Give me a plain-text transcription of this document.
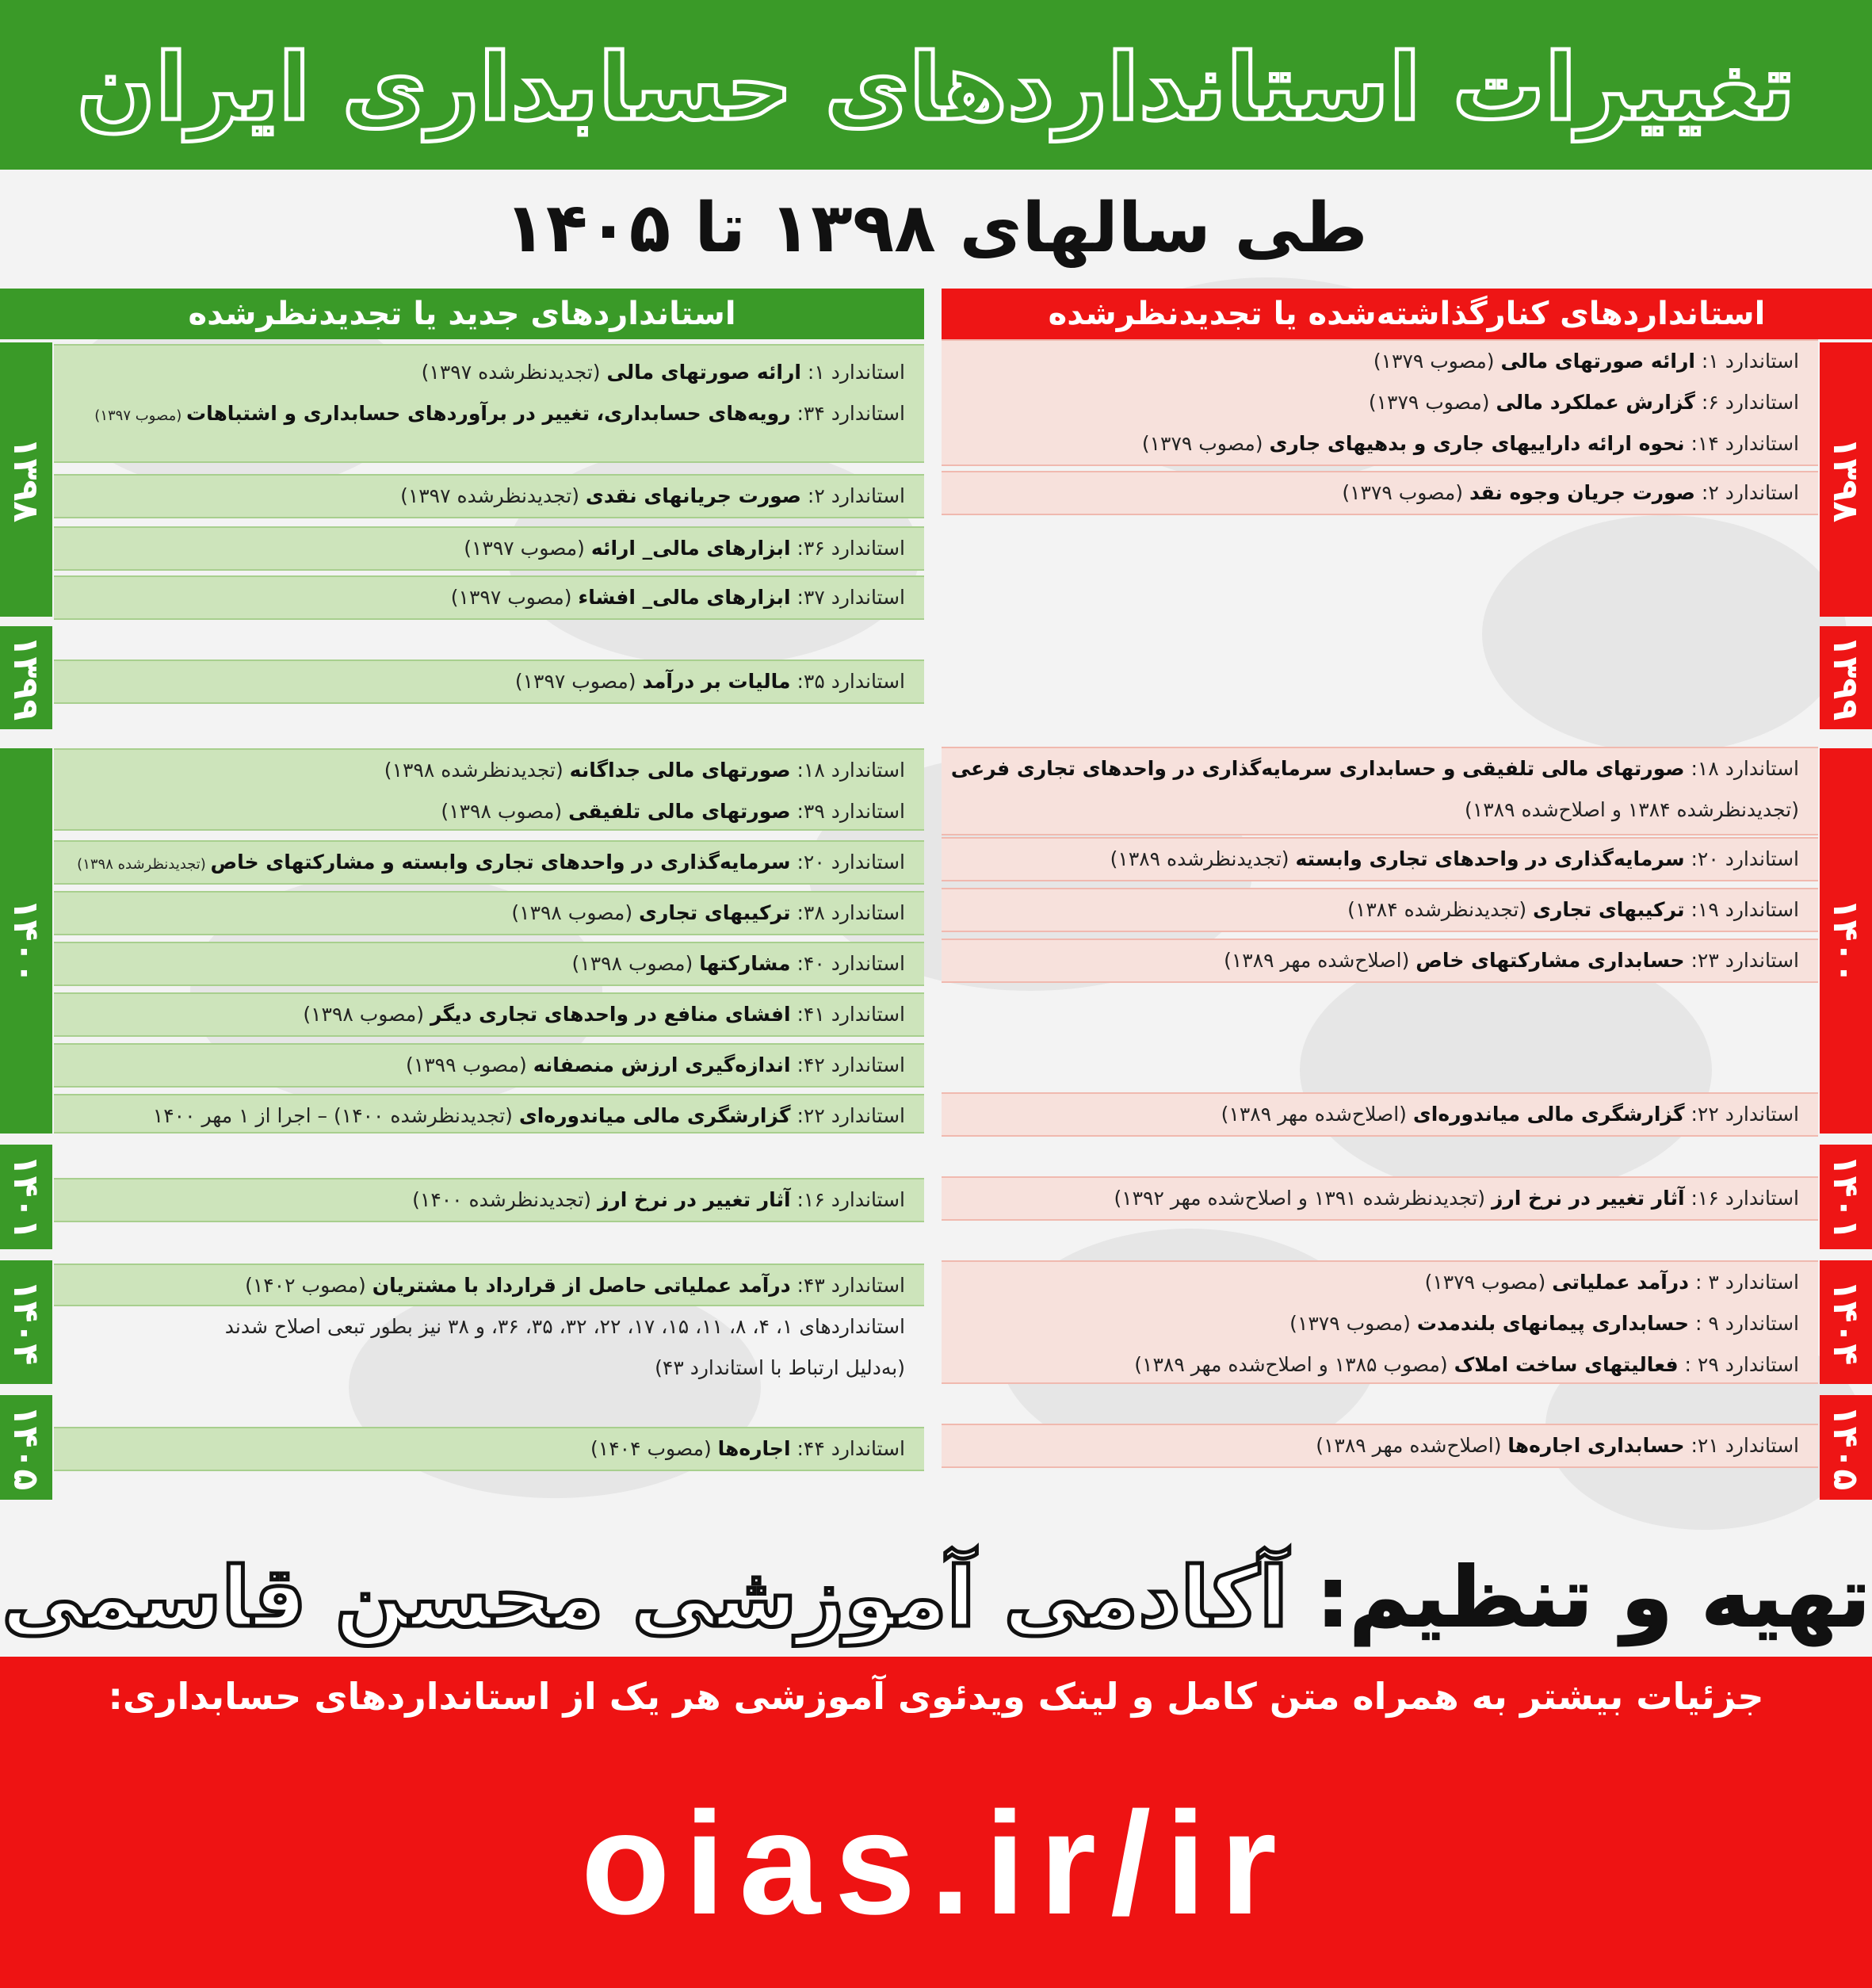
تغییرات استانداردهای حسابداری ایران
طی سالهای ۱۳۹۸ تا ۱۴۰۵
استانداردهای جدید یا تجدیدنظرشده	استانداردهای کنارگذاشته‌شده یا تجدیدنظرشده
۱۳۹۸
۱۳۹۹
۱۴۰۰
۱۴۰۱
۱۴۰۴
۱۴۰۵
۱۳۹۸
۱۳۹۹
۱۴۰۰
۱۴۰۱
۱۴۰۴
۱۴۰۵
استاندارد ۱: ارائه صورتهای مالی (تجدیدنظرشده ۱۳۹۷)
استاندارد ۳۴: رویه‌های حسابداری، تغییر در برآوردهای حسابداری و اشتباهات (مصوب ۱۳۹۷)
استاندارد ۲: صورت جریانهای نقدی (تجدیدنظرشده ۱۳۹۷)
استاندارد ۳۶: ابزارهای مالی_ ارائه (مصوب ۱۳۹۷)
استاندارد ۳۷: ابزارهای مالی_ افشاء (مصوب ۱۳۹۷)
استاندارد ۳۵: مالیات بر درآمد (مصوب ۱۳۹۷)
استاندارد ۱۸: صورتهای مالی جداگانه (تجدیدنظرشده ۱۳۹۸)
استاندارد ۳۹: صورتهای مالی تلفیقی (مصوب ۱۳۹۸)
استاندارد ۲۰: سرمایه‌گذاری در واحدهای تجاری وابسته و مشارکتهای خاص (تجدیدنظرشده ۱۳۹۸)
استاندارد ۳۸: ترکیبهای تجاری (مصوب ۱۳۹۸)
استاندارد ۴۰: مشارکتها (مصوب ۱۳۹۸)
استاندارد ۴۱: افشای منافع در واحدهای تجاری دیگر (مصوب ۱۳۹۸)
استاندارد ۴۲: اندازه‌گیری ارزش منصفانه (مصوب ۱۳۹۹)
استاندارد ۲۲: گزارشگری مالی میاندوره‌ای (تجدیدنظرشده ۱۴۰۰) – اجرا از ۱ مهر ۱۴۰۰
استاندارد ۱۶: آثار تغییر در نرخ ارز (تجدیدنظرشده ۱۴۰۰)
استاندارد ۴۳: درآمد عملیاتی حاصل از قرارداد با مشتریان (مصوب ۱۴۰۲)
استانداردهای ۱، ۴، ۸، ۱۱، ۱۵، ۱۷، ۲۲، ۳۲، ۳۵، ۳۶، و ۳۸ نیز بطور تبعی اصلاح شدند
(به‌دلیل ارتباط با استاندارد ۴۳)
استاندارد ۴۴: اجاره‌ها (مصوب ۱۴۰۴)
استاندارد ۱: ارائه صورتهای مالی (مصوب ۱۳۷۹)
استاندارد ۶: گزارش عملکرد مالی (مصوب ۱۳۷۹)
استاندارد ۱۴: نحوه ارائه داراییهای جاری و بدهیهای جاری (مصوب ۱۳۷۹)
استاندارد ۲: صورت جریان وجوه نقد (مصوب ۱۳۷۹)
استاندارد ۱۸: صورتهای مالی تلفیقی و حسابداری سرمایه‌گذاری در واحدهای تجاری فرعی
(تجدیدنظرشده ۱۳۸۴ و اصلاح‌شده ۱۳۸۹)
استاندارد ۲۰: سرمایه‌گذاری در واحدهای تجاری وابسته (تجدیدنظرشده ۱۳۸۹)
استاندارد ۱۹: ترکیبهای تجاری (تجدیدنظرشده ۱۳۸۴)
استاندارد ۲۳: حسابداری مشارکتهای خاص (اصلاح‌شده مهر ۱۳۸۹)
استاندارد ۲۲: گزارشگری مالی میاندوره‌ای (اصلاح‌شده مهر ۱۳۸۹)
استاندارد ۱۶: آثار تغییر در نرخ ارز (تجدیدنظرشده ۱۳۹۱ و اصلاح‌شده مهر ۱۳۹۲)
استاندارد ۳ : درآمد عملیاتی (مصوب ۱۳۷۹)
استاندارد ۹ : حسابداری پیمانهای بلندمدت (مصوب ۱۳۷۹)
استاندارد ۲۹ : فعالیتهای ساخت املاک (مصوب ۱۳۸۵ و اصلاح‌شده مهر ۱۳۸۹)
استاندارد ۲۱: حسابداری اجاره‌ها (اصلاح‌شده مهر ۱۳۸۹)
تهیه و تنظیم: آکادمی آموزشی محسن قاسمی
جزئیات بیشتر به همراه متن کامل و لینک ویدئوی آموزشی هر یک از استانداردهای حسابداری:
oias.ir/ir
